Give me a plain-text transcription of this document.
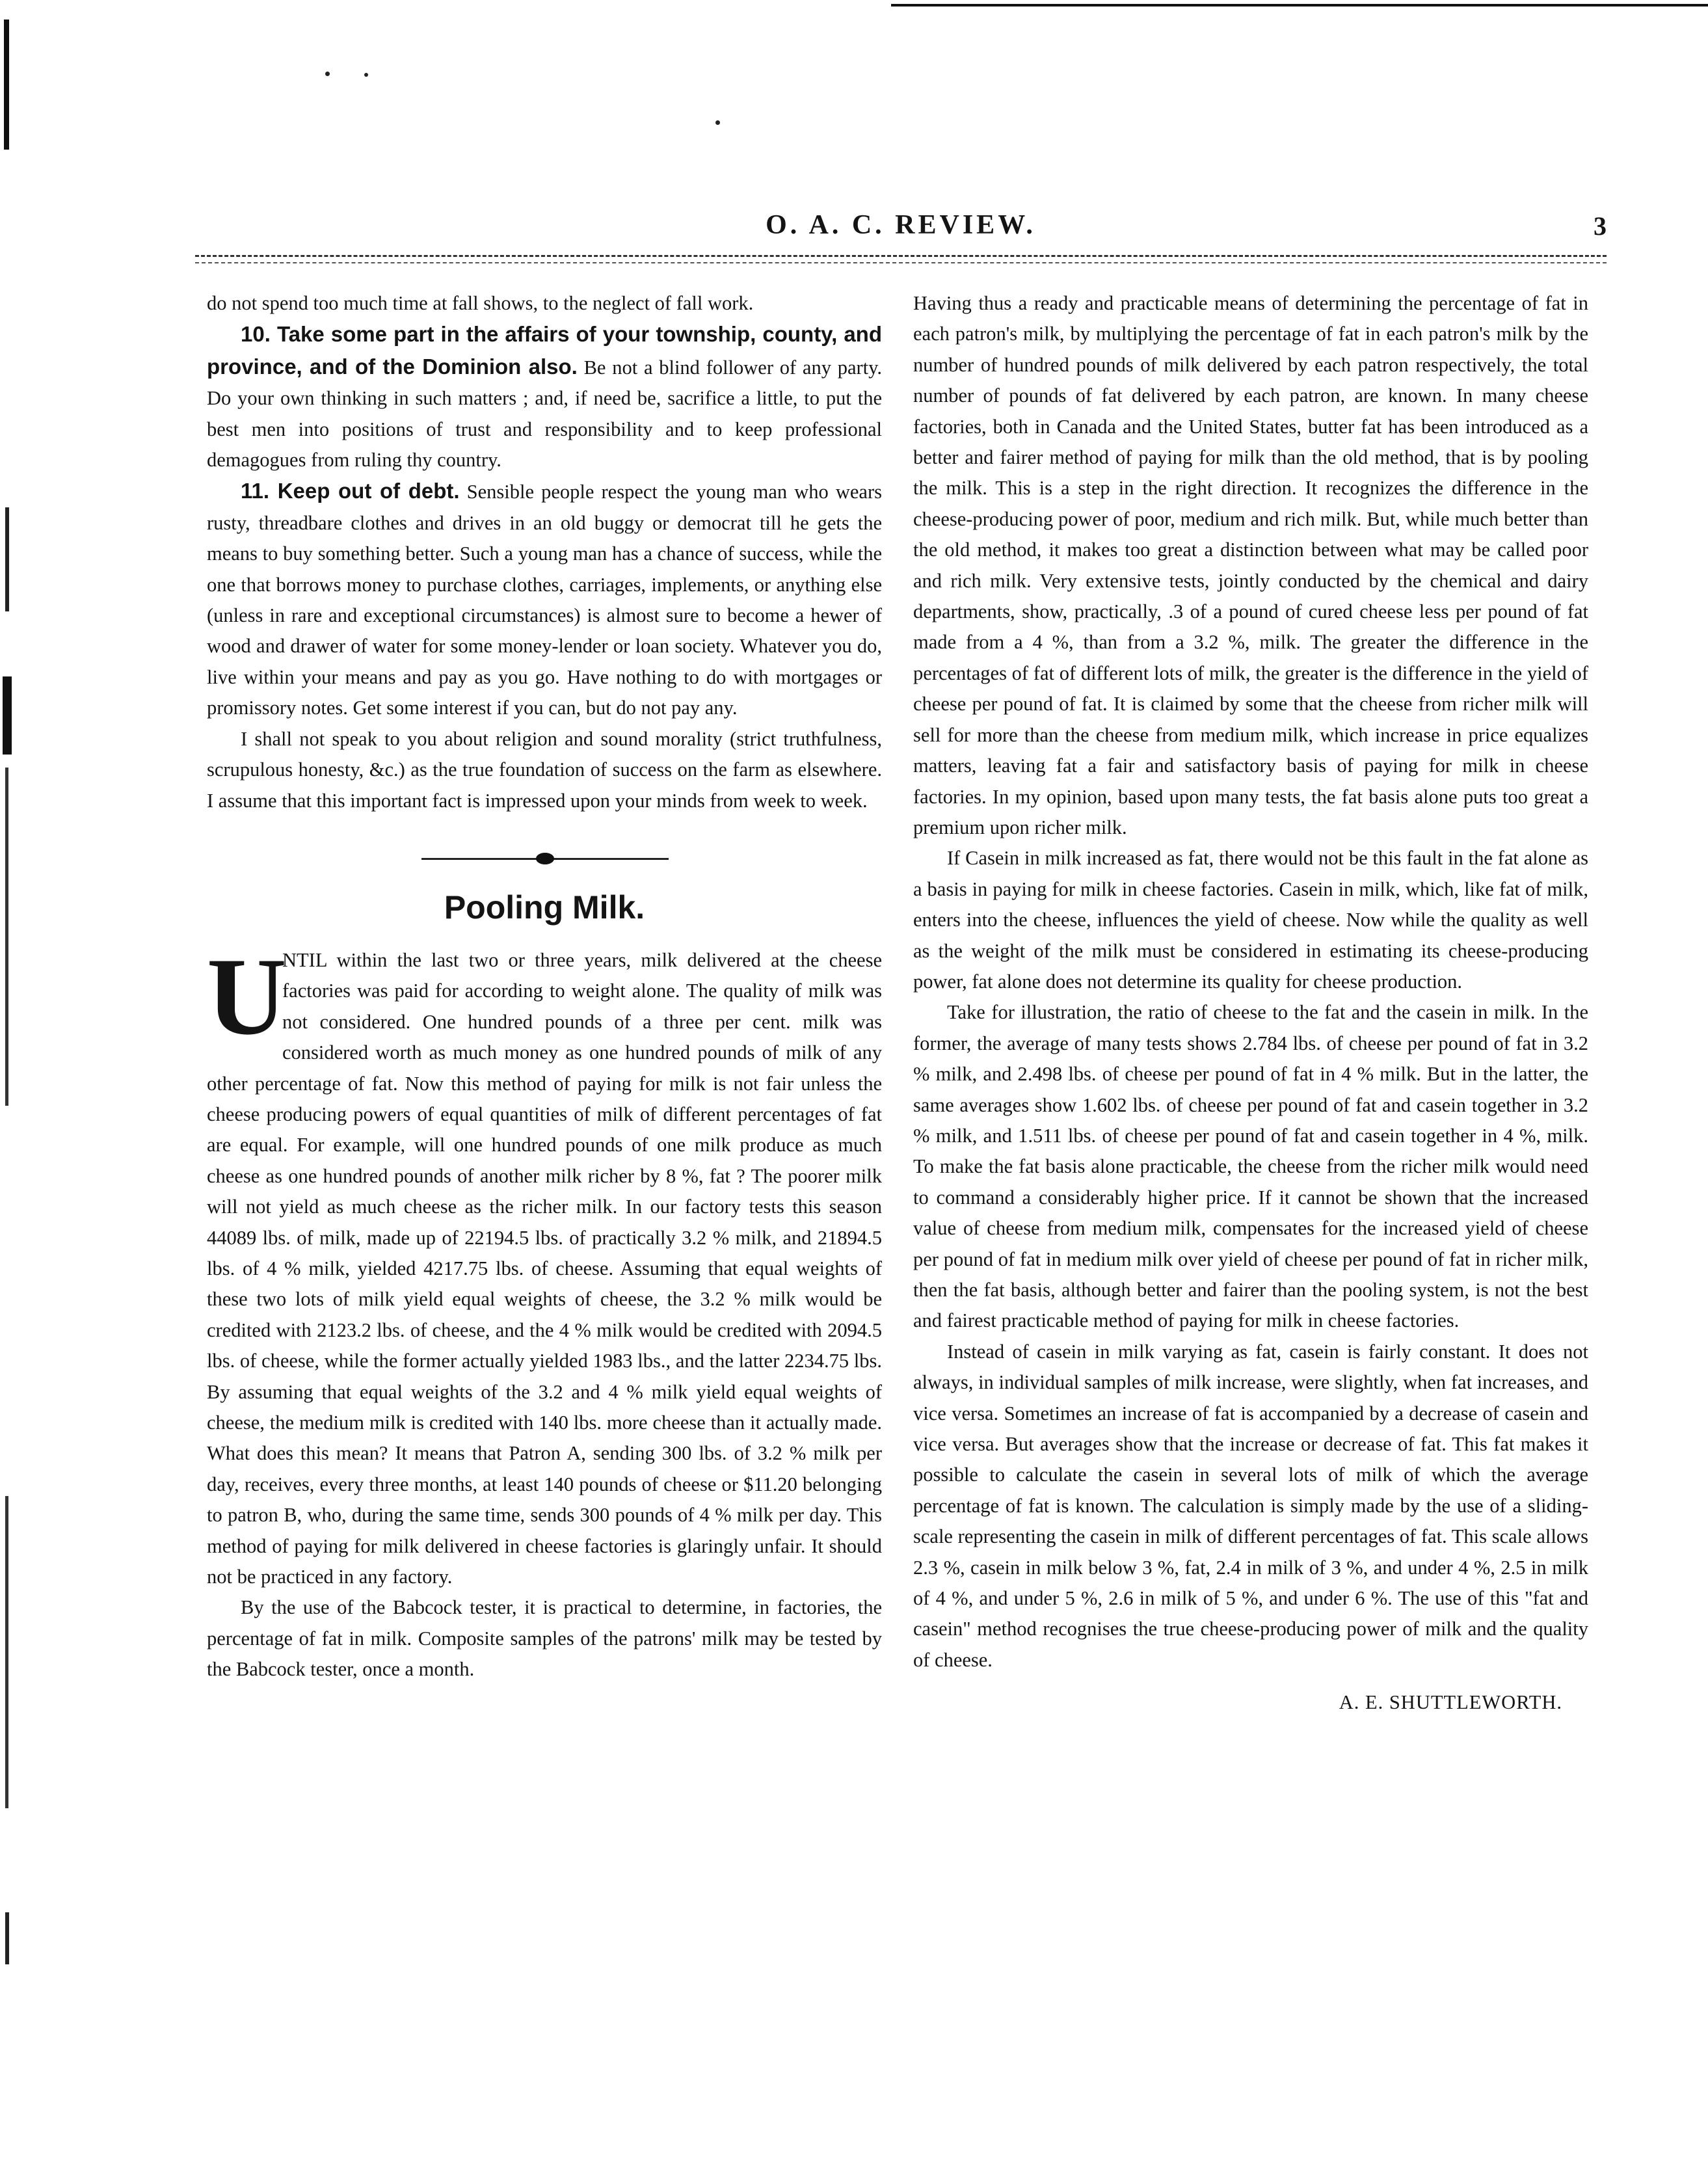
O. A. C. REVIEW.	3

do not spend too much time at fall shows, to the neglect of fall work.

10. Take some part in the affairs of your township, county, and province, and of the Dominion also. Be not a blind follower of any party. Do your own thinking in such matters ; and, if need be, sacrifice a little, to put the best men into positions of trust and responsibility and to keep professional demagogues from ruling thy country.

11. Keep out of debt. Sensible people respect the young man who wears rusty, threadbare clothes and drives in an old buggy or democrat till he gets the means to buy something better. Such a young man has a chance of success, while the one that borrows money to purchase clothes, carriages, implements, or anything else (unless in rare and exceptional circumstances) is almost sure to become a hewer of wood and drawer of water for some money-lender or loan society. Whatever you do, live within your means and pay as you go. Have nothing to do with mortgages or promissory notes. Get some interest if you can, but do not pay any.

I shall not speak to you about religion and sound morality (strict truthfulness, scrupulous honesty, &c.) as the true foundation of success on the farm as elsewhere. I assume that this important fact is impressed upon your minds from week to week.

Pooling Milk.

U
NTIL within the last two or three years, milk delivered at the cheese factories was paid for according to weight alone. The quality of milk was not considered. One hundred pounds of a three per cent. milk was considered worth as much money as one hundred pounds of milk of any other percentage of fat. Now this method of paying for milk is not fair unless the cheese producing powers of equal quantities of milk of different percentages of fat are equal. For example, will one hundred pounds of one milk produce as much cheese as one hundred pounds of another milk richer by 8 %, fat ? The poorer milk will not yield as much cheese as the richer milk. In our factory tests this season 44089 lbs. of milk, made up of 22194.5 lbs. of practically 3.2 % milk, and 21894.5 lbs. of 4 % milk, yielded 4217.75 lbs. of cheese. Assuming that equal weights of these two lots of milk yield equal weights of cheese, the 3.2 % milk would be credited with 2123.2 lbs. of cheese, and the 4 % milk would be credited with 2094.5 lbs. of cheese, while the former actually yielded 1983 lbs., and the latter 2234.75 lbs. By assuming that equal weights of the 3.2 and 4 % milk yield equal weights of cheese, the medium milk is credited with 140 lbs. more cheese than it actually made. What does this mean? It means that Patron A, sending 300 lbs. of 3.2 % milk per day, receives, every three months, at least 140 pounds of cheese or $11.20 belonging to patron B, who, during the same time, sends 300 pounds of 4 % milk per day. This method of paying for milk delivered in cheese factories is glaringly unfair. It should not be practiced in any factory.

By the use of the Babcock tester, it is practical to determine, in factories, the percentage of fat in milk. Composite samples of the patrons' milk may be tested by the Babcock tester, once a month.

Having thus a ready and practicable means of determining the percentage of fat in each patron's milk, by multiplying the percentage of fat in each patron's milk by the number of hundred pounds of milk delivered by each patron respectively, the total number of pounds of fat delivered by each patron, are known. In many cheese factories, both in Canada and the United States, butter fat has been introduced as a better and fairer method of paying for milk than the old method, that is by pooling the milk. This is a step in the right direction. It recognizes the difference in the cheese-producing power of poor, medium and rich milk. But, while much better than the old method, it makes too great a distinction between what may be called poor and rich milk. Very extensive tests, jointly conducted by the chemical and dairy departments, show, practically, .3 of a pound of cured cheese less per pound of fat made from a 4 %, than from a 3.2 %, milk. The greater the difference in the percentages of fat of different lots of milk, the greater is the difference in the yield of cheese per pound of fat. It is claimed by some that the cheese from richer milk will sell for more than the cheese from medium milk, which increase in price equalizes matters, leaving fat a fair and satisfactory basis of paying for milk in cheese factories. In my opinion, based upon many tests, the fat basis alone puts too great a premium upon richer milk.

If Casein in milk increased as fat, there would not be this fault in the fat alone as a basis in paying for milk in cheese factories. Casein in milk, which, like fat of milk, enters into the cheese, influences the yield of cheese. Now while the quality as well as the weight of the milk must be considered in estimating its cheese-producing power, fat alone does not determine its quality for cheese production.

Take for illustration, the ratio of cheese to the fat and the casein in milk. In the former, the average of many tests shows 2.784 lbs. of cheese per pound of fat in 3.2 % milk, and 2.498 lbs. of cheese per pound of fat in 4 % milk. But in the latter, the same averages show 1.602 lbs. of cheese per pound of fat and casein together in 3.2 % milk, and 1.511 lbs. of cheese per pound of fat and casein together in 4 %, milk. To make the fat basis alone practicable, the cheese from the richer milk would need to command a considerably higher price. If it cannot be shown that the increased value of cheese from medium milk, compensates for the increased yield of cheese per pound of fat in medium milk over yield of cheese per pound of fat in richer milk, then the fat basis, although better and fairer than the pooling system, is not the best and fairest practicable method of paying for milk in cheese factories.

Instead of casein in milk varying as fat, casein is fairly constant. It does not always, in individual samples of milk increase, were slightly, when fat increases, and vice versa. Sometimes an increase of fat is accompanied by a decrease of casein and vice versa. But averages show that the increase or decrease of fat. This fat makes it possible to calculate the casein in several lots of milk of which the average percentage of fat is known. The calculation is simply made by the use of a sliding-scale representing the casein in milk of different percentages of fat. This scale allows 2.3 %, casein in milk below 3 %, fat, 2.4 in milk of 3 %, and under 4 %, 2.5 in milk of 4 %, and under 5 %, 2.6 in milk of 5 %, and under 6 %. The use of this "fat and casein" method recognises the true cheese-producing power of milk and the quality of cheese.

A. E. SHUTTLEWORTH.
